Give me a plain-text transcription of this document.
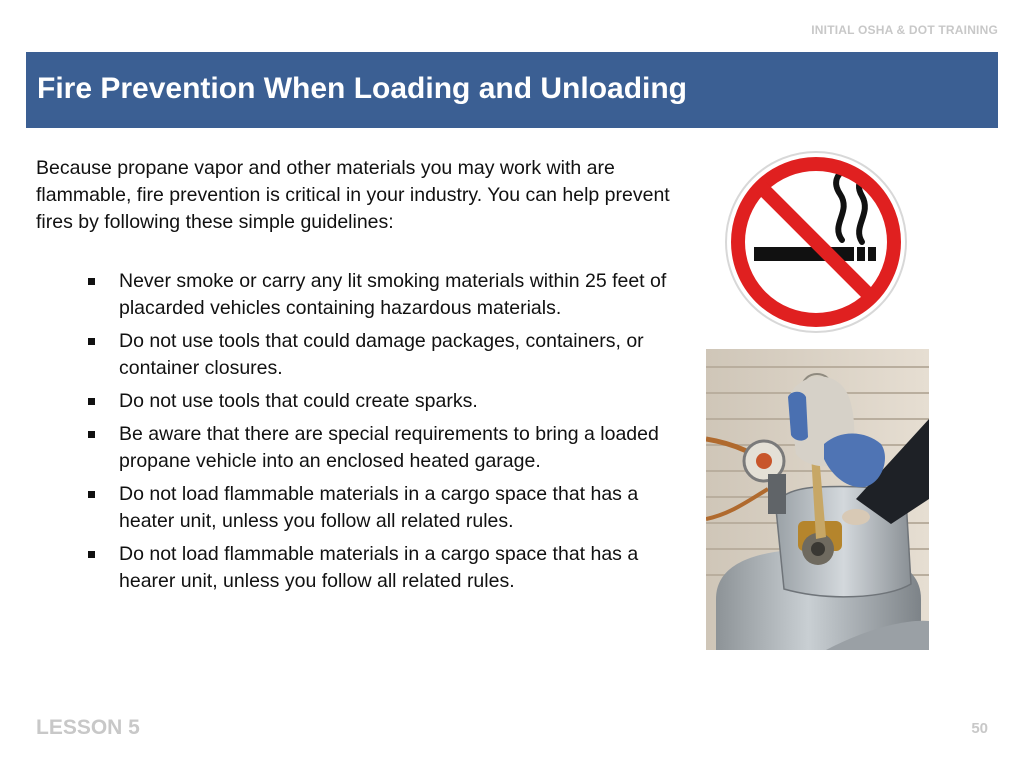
INITIAL OSHA & DOT TRAINING
Fire Prevention When Loading and Unloading

Because propane vapor and other materials you may work with are flammable, fire prevention is critical in your industry. You can help prevent fires by following these simple guidelines:

Never smoke or carry any lit smoking materials within 25 feet of placarded vehicles containing hazardous materials.
Do not use tools that could damage packages, containers, or container closures.
Do not use tools that could create sparks.
Be aware that there are special requirements to bring a loaded propane vehicle into an enclosed heated garage.
Do not load flammable materials in a cargo space that has a heater unit, unless you follow all related rules.
Do not load flammable materials in a cargo space that has a hearer unit, unless you follow all related rules.
LESSON 5	50
